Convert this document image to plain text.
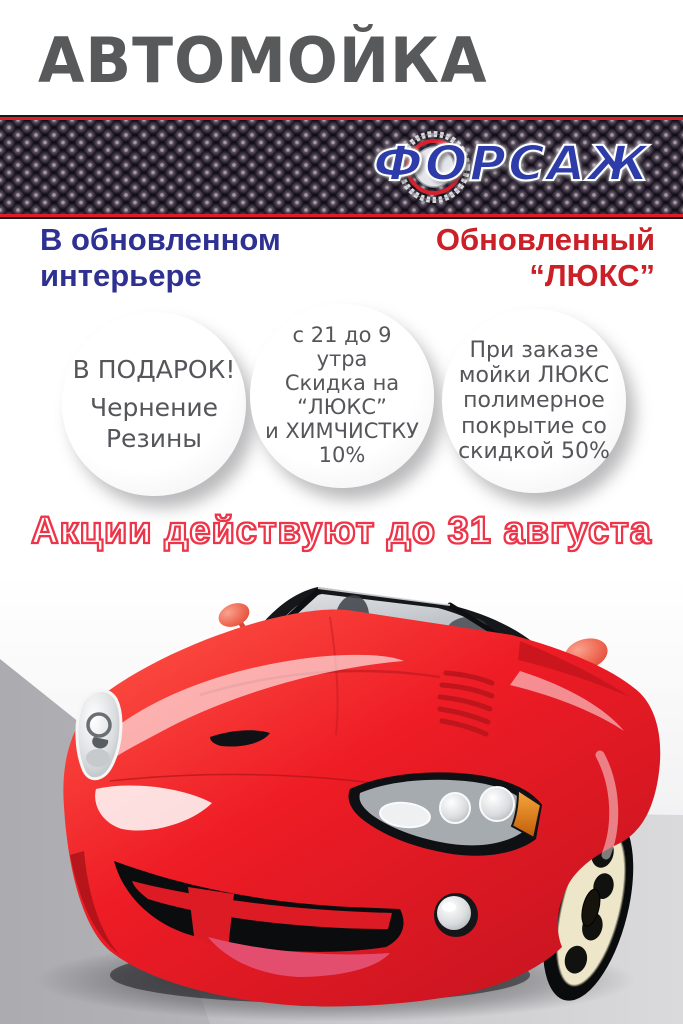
АВТОМОЙКА
ФОРСАЖ

В обновленном
интерьере

Обновленный
“ЛЮКС”

В ПОДАРОК!
Чернение
Резины
с 21 до 9
утра
Скидка на
“ЛЮКС”
и ХИМЧИСТКУ
10%
При заказе
мойки ЛЮКС
полимерное
покрытие со
скидкой 50%
Акции действуют до 31 августа
